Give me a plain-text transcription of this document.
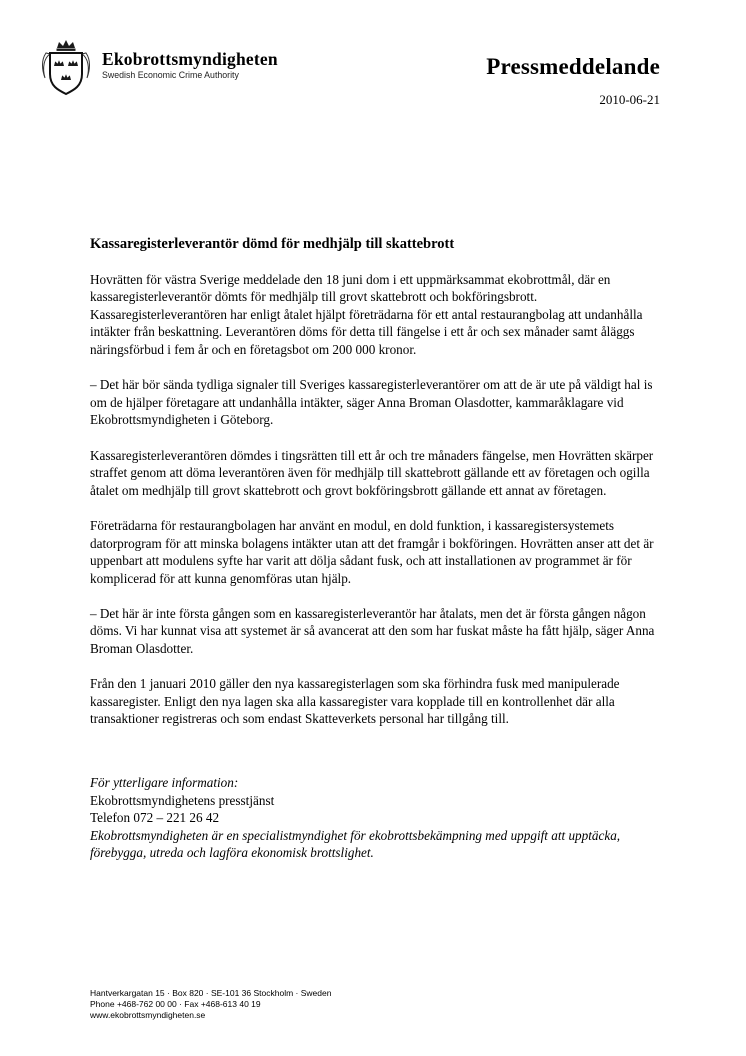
Ekobrottsmyndigheten
Swedish Economic Crime Authority	Pressmeddelande
2010-06-21
Kassaregisterleverantör dömd för medhjälp till skattebrott

Hovrätten för västra Sverige meddelade den 18 juni dom i ett uppmärksammat ekobrottmål, där en kassaregisterleverantör dömts för medhjälp till grovt skattebrott och bokföringsbrott. Kassaregisterleverantören har enligt åtalet hjälpt företrädarna för ett antal restaurangbolag att undanhålla intäkter från beskattning. Leverantören döms för detta till fängelse i ett år och sex månader samt åläggs näringsförbud i fem år och en företagsbot om 200 000 kronor.

– Det här bör sända tydliga signaler till Sveriges kassaregisterleverantörer om att de är ute på väldigt hal is om de hjälper företagare att undanhålla intäkter, säger Anna Broman Olasdotter, kammaråklagare vid Ekobrottsmyndigheten i Göteborg.

Kassaregisterleverantören dömdes i tingsrätten till ett år och tre månaders fängelse, men Hovrätten skärper straffet genom att döma leverantören även för medhjälp till skattebrott gällande ett av företagen och ogilla åtalet om medhjälp till grovt skattebrott och grovt bokföringsbrott gällande ett annat av företagen.

Företrädarna för restaurangbolagen har använt en modul, en dold funktion, i kassaregistersystemets datorprogram för att minska bolagens intäkter utan att det framgår i bokföringen. Hovrätten anser att det är uppenbart att modulens syfte har varit att dölja sådant fusk, och att installationen av programmet är för komplicerad för att kunna genomföras utan hjälp.

– Det här är inte första gången som en kassaregisterleverantör har åtalats, men det är första gången någon döms. Vi har kunnat visa att systemet är så avancerat att den som har fuskat måste ha fått hjälp, säger Anna Broman Olasdotter.

Från den 1 januari 2010 gäller den nya kassaregisterlagen som ska förhindra fusk med manipulerade kassaregister. Enligt den nya lagen ska alla kassaregister vara kopplade till en kontrollenhet där alla transaktioner registreras och som endast Skatteverkets personal har tillgång till.

För ytterligare information:

Ekobrottsmyndighetens presstjänst

Telefon 072 – 221 26 42

Ekobrottsmyndigheten är en specialistmyndighet för ekobrottsbekämpning med uppgift att upptäcka, förebygga, utreda och lagföra ekonomisk brottslighet.

Hantverkargatan 15 · Box 820 · SE-101 36 Stockholm · Sweden
Phone +468-762 00 00 · Fax +468-613 40 19
www.ekobrottsmyndigheten.se
